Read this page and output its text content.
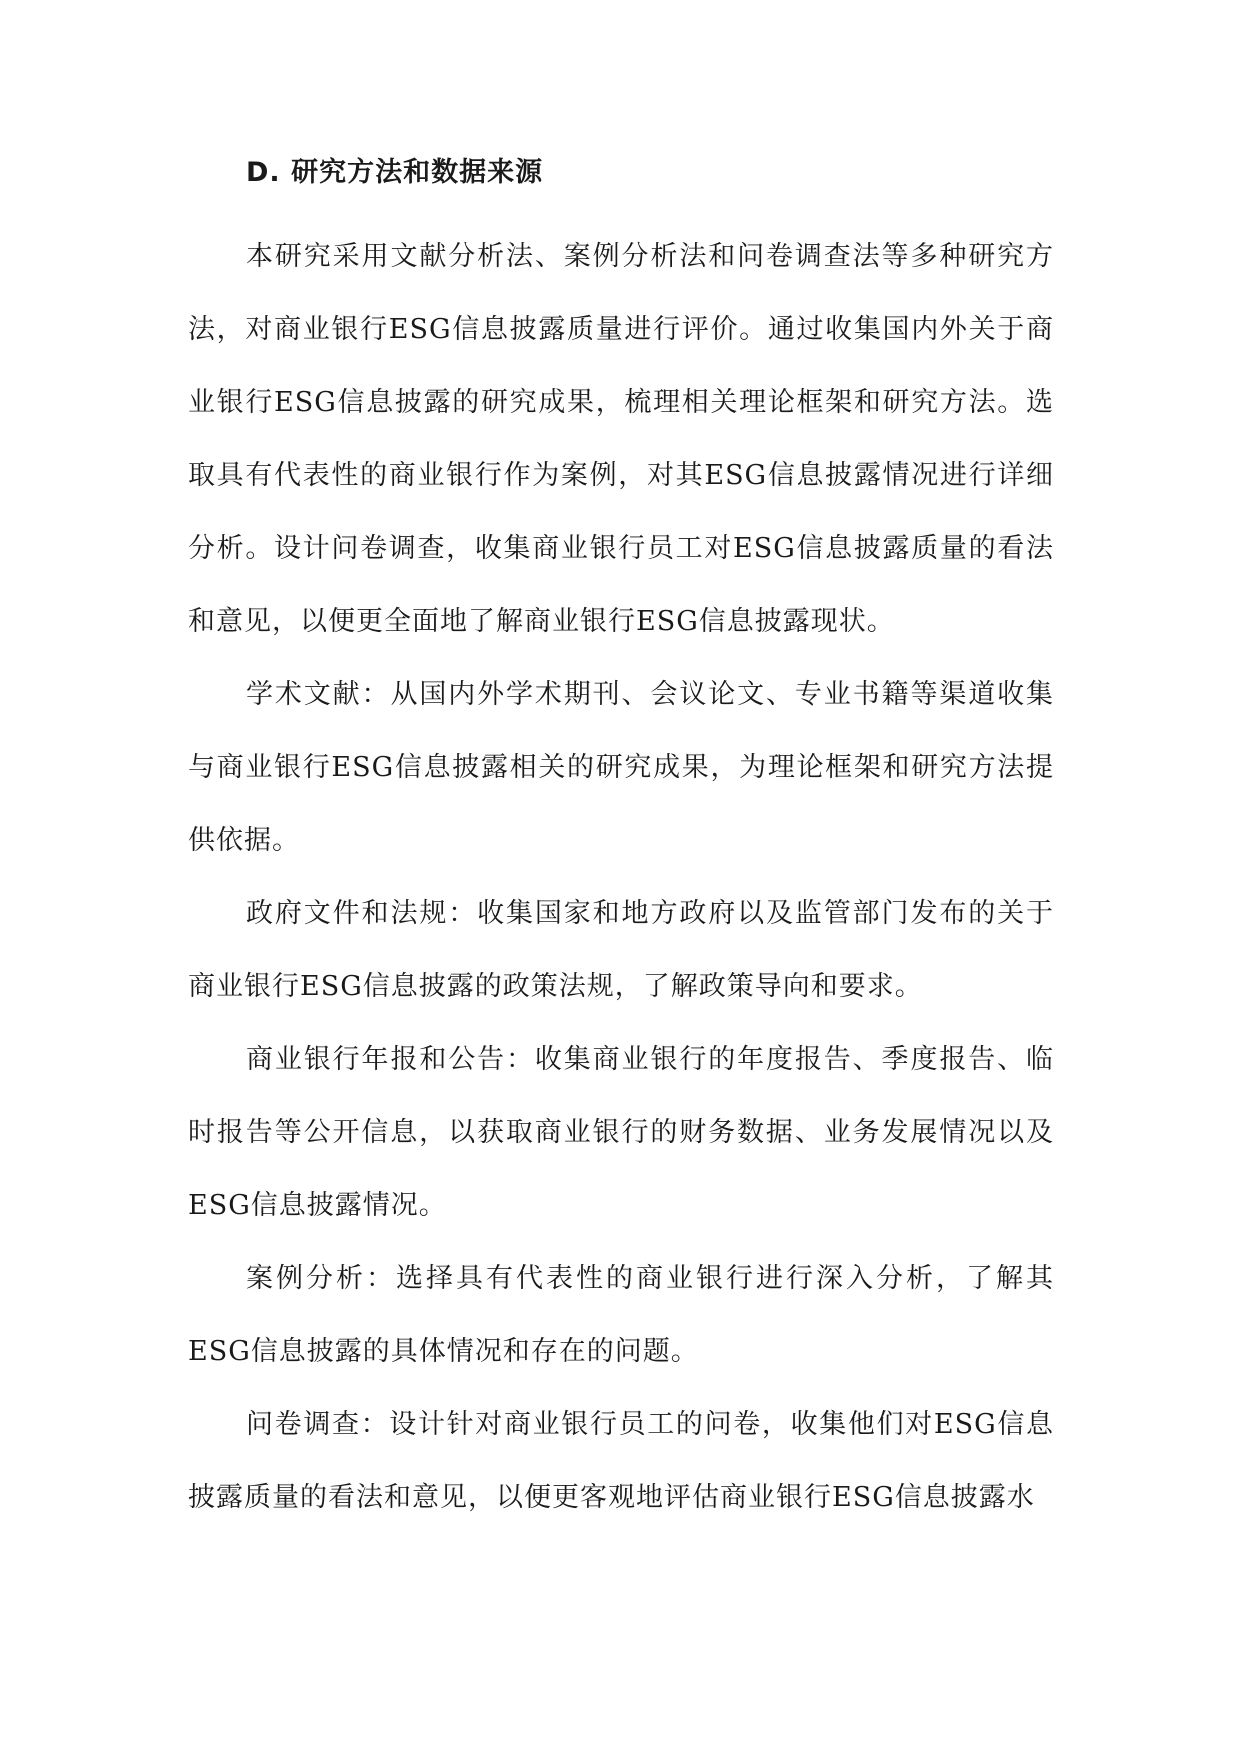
D. 研究方法和数据来源

本研究采用文献分析法、案例分析法和问卷调查法等多种研究方法，对商业银行ESG信息披露质量进行评价。通过收集国内外关于商业银行ESG信息披露的研究成果，梳理相关理论框架和研究方法。选取具有代表性的商业银行作为案例，对其ESG信息披露情况进行详细分析。设计问卷调查，收集商业银行员工对ESG信息披露质量的看法和意见，以便更全面地了解商业银行ESG信息披露现状。

学术文献：从国内外学术期刊、会议论文、专业书籍等渠道收集与商业银行ESG信息披露相关的研究成果，为理论框架和研究方法提供依据。

政府文件和法规：收集国家和地方政府以及监管部门发布的关于商业银行ESG信息披露的政策法规，了解政策导向和要求。

商业银行年报和公告：收集商业银行的年度报告、季度报告、临时报告等公开信息，以获取商业银行的财务数据、业务发展情况以及ESG信息披露情况。

案例分析：选择具有代表性的商业银行进行深入分析，了解其ESG信息披露的具体情况和存在的问题。

问卷调查：设计针对商业银行员工的问卷，收集他们对ESG信息披露质量的看法和意见，以便更客观地评估商业银行ESG信息披露水
